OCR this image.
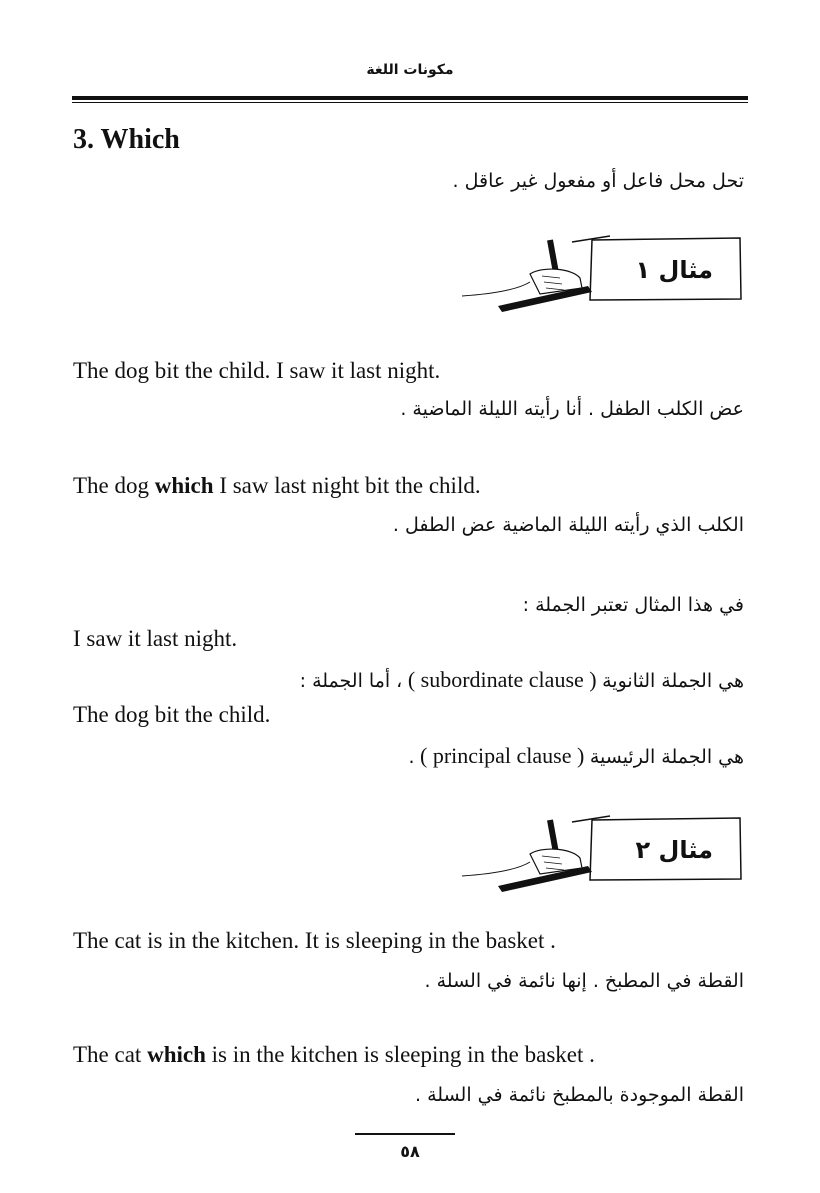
مكونات اللغة
3. Which
تحل محل فاعل أو مفعول غير عاقل .
مثال ١
The dog bit the child. I saw it last night.
عض الكلب الطفل . أنا رأيته الليلة الماضية .
The dog which I saw last night bit the child.
الكلب الذي رأيته الليلة الماضية عض الطفل .
في هذا المثال تعتبر الجملة :
I saw it last night.
هي الجملة الثانوية ( subordinate clause ) ، أما الجملة :
The dog bit the child.
هي الجملة الرئيسية ( principal clause ) .
مثال ٢
The cat is in the kitchen. It is sleeping in the basket .
القطة في المطبخ . إنها نائمة في السلة .
The cat which is in the kitchen is sleeping in the basket .
القطة الموجودة بالمطبخ نائمة في السلة .
٥٨
